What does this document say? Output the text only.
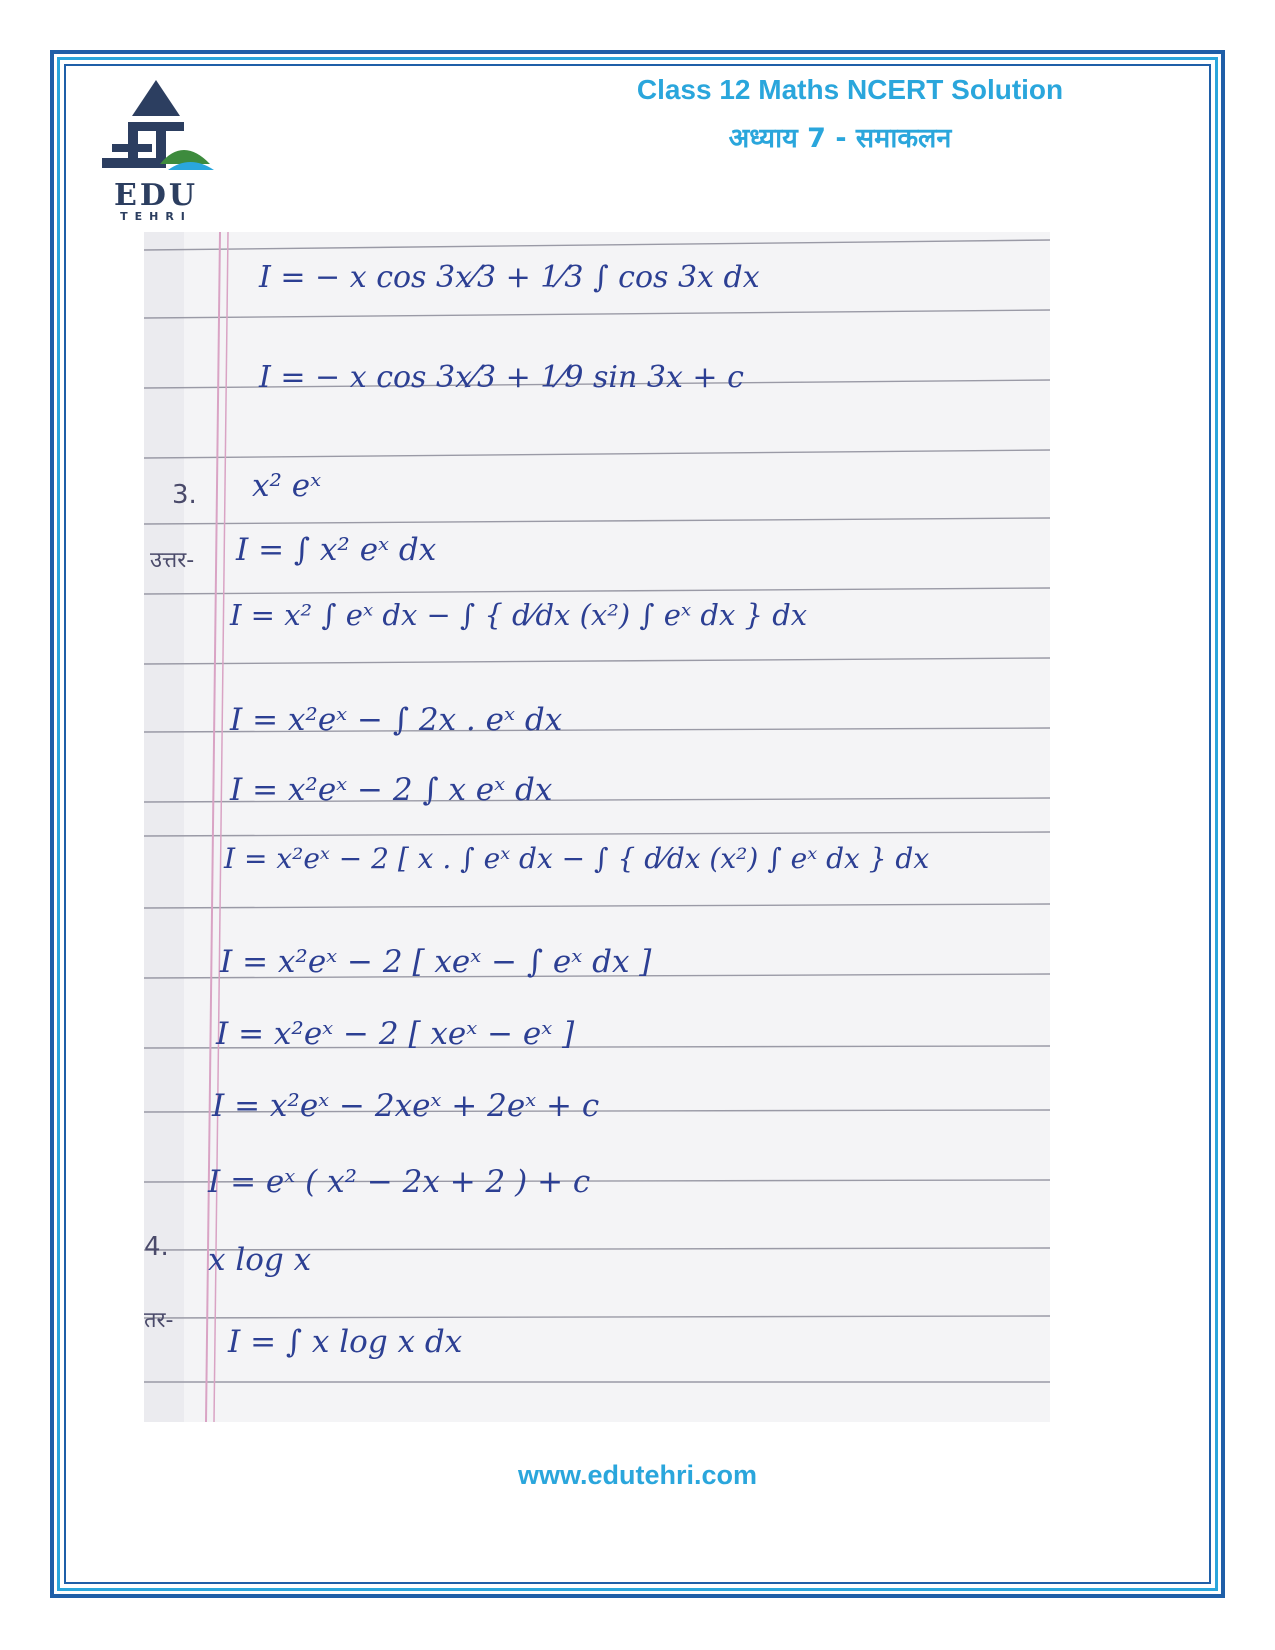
EDU
TEHRI
Class 12 Maths NCERT Solution
अध्याय 7 - समाकलन
I = − x cos 3x⁄3 + 1⁄3 ∫ cos 3x dx
I = − x cos 3x⁄3 + 1⁄9 sin 3x + c
3. x² eˣ
उत्तर- I = ∫ x² eˣ dx
I = x² ∫ eˣ dx − ∫ { d⁄dx (x²) ∫ eˣ dx } dx
I = x²eˣ − ∫ 2x . eˣ dx
I = x²eˣ − 2 ∫ x eˣ dx
I = x²eˣ − 2 [ x . ∫ eˣ dx − ∫ { d⁄dx (x²) ∫ eˣ dx } dx
I = x²eˣ − 2 [ xeˣ − ∫ eˣ dx ]
I = x²eˣ − 2 [ xeˣ − eˣ ]
I = x²eˣ − 2xeˣ + 2eˣ + c
I = eˣ ( x² − 2x + 2 ) + c
4. x log x
तर-
I = ∫ x log x dx
www.edutehri.com
